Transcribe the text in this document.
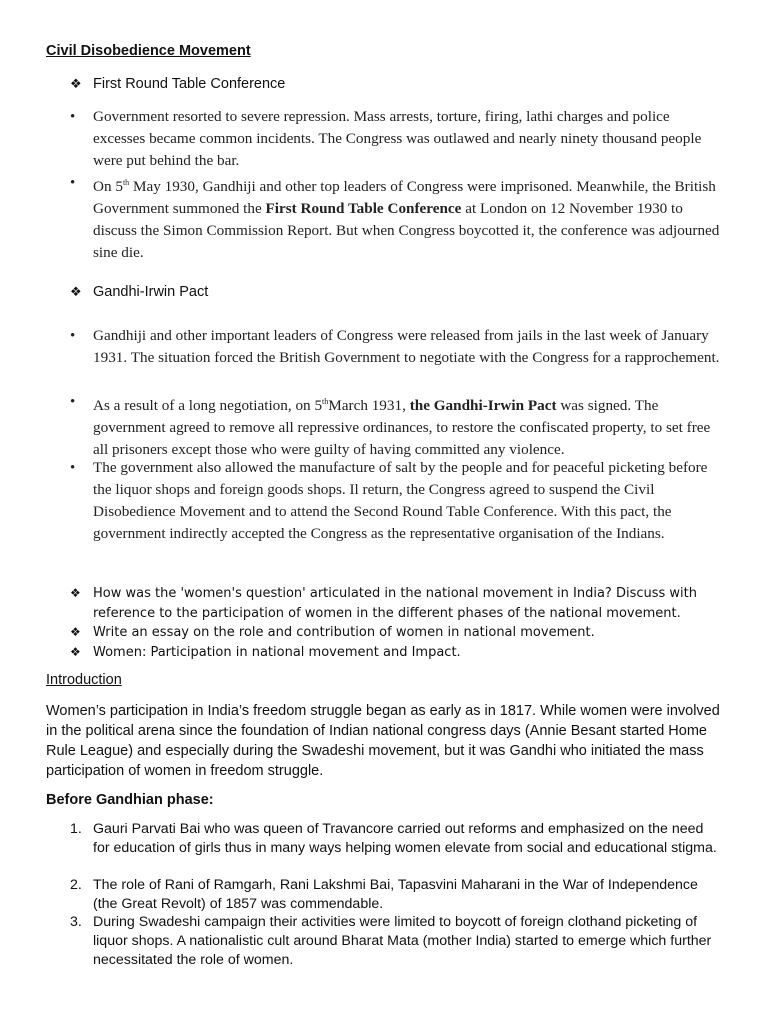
Civil Disobedience Movement
❖ First Round Table Conference
• Government resorted to severe repression. Mass arrests, torture, firing, lathi charges and police excesses became common incidents. The Congress was outlawed and nearly ninety thousand people were put behind the bar.
• On 5th May 1930, Gandhiji and other top leaders of Congress were imprisoned. Meanwhile, the British Government summoned the First Round Table Conference at London on 12 November 1930 to discuss the Simon Commission Report. But when Congress boycotted it, the conference was adjourned sine die.
❖ Gandhi-Irwin Pact
• Gandhiji and other important leaders of Congress were released from jails in the last week of January 1931. The situation forced the British Government to negotiate with the Congress for a rapprochement.
• As a result of a long negotiation, on 5thMarch 1931, the Gandhi-Irwin Pact was signed. The government agreed to remove all repressive ordinances, to restore the confiscated property, to set free all prisoners except those who were guilty of having committed any violence.
• The government also allowed the manufacture of salt by the people and for peaceful picketing before the liquor shops and foreign goods shops. Il return, the Congress agreed to suspend the Civil Disobedience Movement and to attend the Second Round Table Conference. With this pact, the government indirectly accepted the Congress as the representative organisation of the Indians.
❖ How was the 'women's question' articulated in the national movement in India? Discuss with reference to the participation of women in the different phases of the national movement.
❖ Write an essay on the role and contribution of women in national movement.
❖ Women: Participation in national movement and Impact.
Introduction
Women’s participation in India’s freedom struggle began as early as in 1817. While women were involved in the political arena since the foundation of Indian national congress days (Annie Besant started Home Rule League) and especially during the Swadeshi movement, but it was Gandhi who initiated the mass participation of women in freedom struggle.
Before Gandhian phase:
1. Gauri Parvati Bai who was queen of Travancore carried out reforms and emphasized on the need for education of girls thus in many ways helping women elevate from social and educational stigma.
2. The role of Rani of Ramgarh, Rani Lakshmi Bai, Tapasvini Maharani in the War of Independence (the Great Revolt) of 1857 was commendable.
3. During Swadeshi campaign their activities were limited to boycott of foreign clothand picketing of liquor shops. A nationalistic cult around Bharat Mata (mother India) started to emerge which further necessitated the role of women.
